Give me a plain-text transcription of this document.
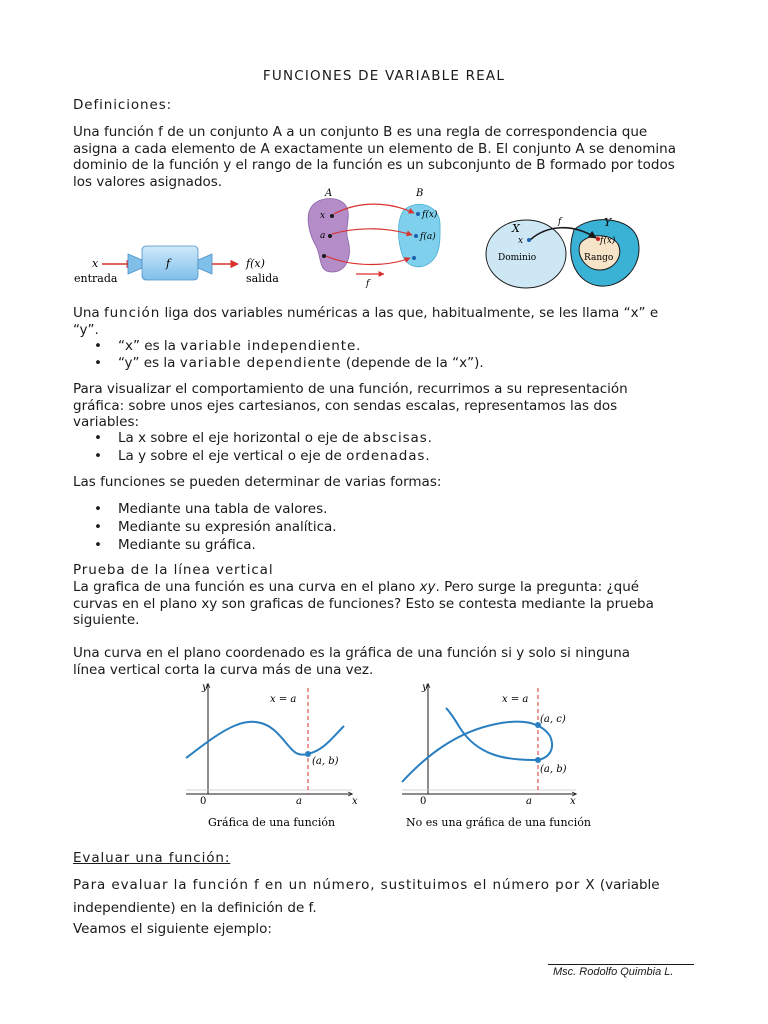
FUNCIONES DE VARIABLE REAL
Definiciones:
Una función f de un conjunto A a un conjunto B es una regla de correspondencia que
asigna a cada elemento de A exactamente un elemento de B. El conjunto A se denomina
dominio de la función y el rango de la función es un subconjunto de B formado por todos
los valores asignados.
x
entrada
f	f(x)
salida
A	B
x
a
f(x)
f(a)
f
X	Y
f
x	f(x)
Dominio	Rango
Una función liga dos variables numéricas a las que, habitualmente, se les llama “x” e
“y”.
• “x” es la variable independiente.
• “y” es la variable dependiente (depende de la “x”).
Para visualizar el comportamiento de una función, recurrimos a su representación
gráfica: sobre unos ejes cartesianos, con sendas escalas, representamos las dos
variables:
• La x sobre el eje horizontal o eje de abscisas.
• La y sobre el eje vertical o eje de ordenadas.
Las funciones se pueden determinar de varias formas:
• Mediante una tabla de valores.
• Mediante su expresión analítica.
• Mediante su gráfica.
Prueba de la línea vertical
La grafica de una función es una curva en el plano xy. Pero surge la pregunta: ¿qué
curvas en el plano xy son graficas de funciones? Esto se contesta mediante la prueba
siguiente.
Una curva en el plano coordenado es la gráfica de una función si y solo si ninguna
línea vertical corta la curva más de una vez.
y
x
0	a
x = a
(a, b)
Gráfica de una función
y
x
0	a
x = a
(a, c)
(a, b)
No es una gráfica de una función
Evaluar una función:
Para evaluar la función f en un número, sustituimos el número por X (variable
independiente) en la definición de f.
Veamos el siguiente ejemplo:
Msc. Rodolfo Quimbia L.
